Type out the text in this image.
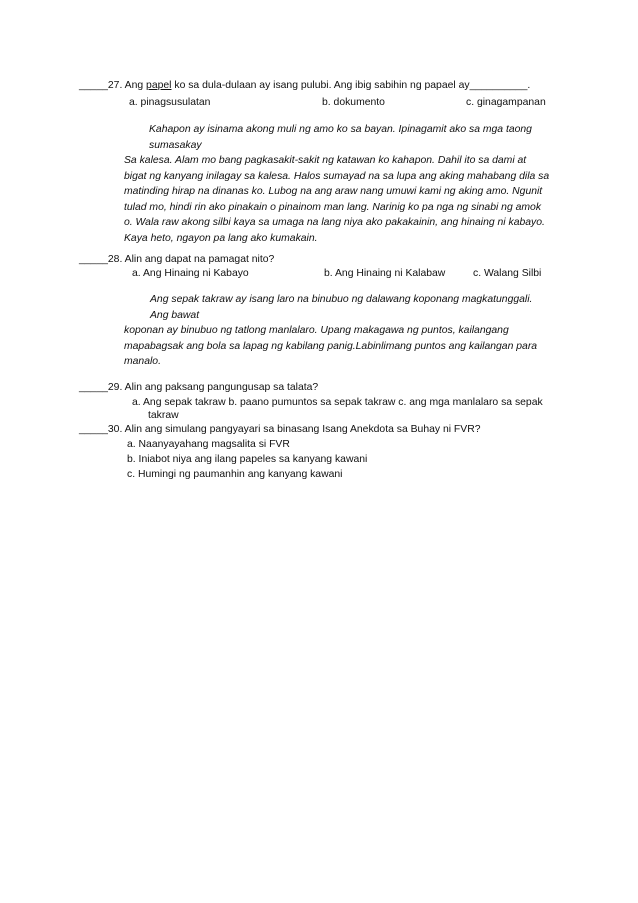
_____27. Ang papel ko sa dula-dulaan ay isang pulubi. Ang ibig sabihin ng papael ay__________.
a. pinagsusulatan	b. dokumento	c. ginagampanan
Kahapon ay isinama akong muli ng amo ko sa bayan. Ipinagamit ako sa mga taong
sumasakay
Sa kalesa. Alam mo bang pagkasakit-sakit ng katawan ko kahapon. Dahil ito sa dami at
bigat ng kanyang inilagay sa kalesa. Halos sumayad na sa lupa ang aking mahabang dila sa
matinding hirap na dinanas ko. Lubog na ang araw nang umuwi kami ng aking amo. Ngunit
tulad mo, hindi rin ako pinakain o pinainom man lang. Narinig ko pa nga ng sinabi ng amok
o. Wala raw akong silbi kaya sa umaga na lang niya ako pakakainin, ang hinaing ni kabayo.
Kaya heto, ngayon pa lang ako kumakain.
_____28. Alin ang dapat na pamagat nito?
a. Ang Hinaing ni Kabayo	b. Ang Hinaing ni Kalabaw	c. Walang Silbi
Ang sepak takraw ay isang laro na binubuo ng dalawang koponang magkatunggali.
Ang bawat
koponan ay binubuo ng tatlong manlalaro. Upang makagawa ng puntos, kailangang
mapabagsak ang bola sa lapag ng kabilang panig.Labinlimang puntos ang kailangan para
manalo.
_____29. Alin ang paksang pangungusap sa talata?
a. Ang sepak takraw b. paano pumuntos sa sepak takraw c. ang mga manlalaro sa sepak
takraw
_____30. Alin ang simulang pangyayari sa binasang Isang Anekdota sa Buhay ni FVR?
a. Naanyayahang magsalita si FVR
b. Iniabot niya ang ilang papeles sa kanyang kawani
c. Humingi ng paumanhin ang kanyang kawani
